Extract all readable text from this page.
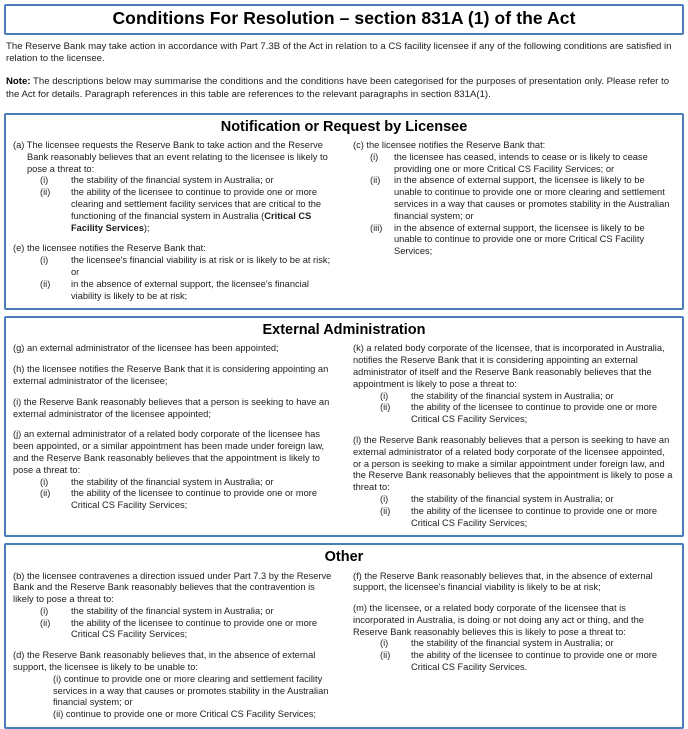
Conditions For Resolution – section 831A (1) of the Act

The Reserve Bank may take action in accordance with Part 7.3B of the Act in relation to a CS facility licensee if any of the following conditions are satisfied in relation to the licensee.

Note: The descriptions below may summarise the conditions and the conditions have been categorised for the purposes of presentation only. Please refer to the Act for details. Paragraph references in this table are references to the relevant paragraphs in section 831A(1).

Notification or Request by Licensee
(a) The licensee requests the Reserve Bank to take action and the Reserve Bank reasonably believes that an event relating to the licensee is likely to pose a threat to:
(i)	the stability of the financial system in Australia; or
(ii)	the ability of the licensee to continue to provide one or more clearing and settlement facility services that are critical to the functioning of the financial system in Australia (Critical CS Facility Services);
(e) the licensee notifies the Reserve Bank that:
(i)	the licensee's financial viability is at risk or is likely to be at risk; or
(ii)	in the absence of external support, the licensee's financial viability is likely to be at risk;
(c) the licensee notifies the Reserve Bank that:
(i)	the licensee has ceased, intends to cease or is likely to cease providing one or more Critical CS Facility Services; or
(ii)	in the absence of external support, the licensee is likely to be unable to continue to provide one or more clearing and settlement services in a way that causes or promotes stability in the Australian financial system; or
(iii)	in the absence of external support, the licensee is likely to be unable to continue to provide one or more Critical CS Facility Services;
External Administration
(g) an external administrator of the licensee has been appointed;
(h) the licensee notifies the Reserve Bank that it is considering appointing an external administrator of the licensee;
(i) the Reserve Bank reasonably believes that a person is seeking to have an external administrator of the licensee appointed;
(j) an external administrator of a related body corporate of the licensee has been appointed, or a similar appointment has been made under foreign law, and the Reserve Bank reasonably believes that the appointment is likely to pose a threat to:
(i)	the stability of the financial system in Australia; or
(ii)	the ability of the licensee to continue to provide one or more Critical CS Facility Services;
(k) a related body corporate of the licensee, that is incorporated in Australia, notifies the Reserve Bank that it is considering appointing an external administrator of itself and the Reserve Bank reasonably believes that the appointment is likely to pose a threat to:
(i)	the stability of the financial system in Australia; or
(ii)	the ability of the licensee to continue to provide one or more Critical CS Facility Services;
(l) the Reserve Bank reasonably believes that a person is seeking to have an external administrator of a related body corporate of the licensee appointed, or a person is seeking to make a similar appointment under foreign law, and the Reserve Bank reasonably believes that the appointment is likely to pose a threat to:
(i)	the stability of the financial system in Australia; or
(ii)	the ability of the licensee to continue to provide one or more Critical CS Facility Services;
Other
(b) the licensee contravenes a direction issued under Part 7.3 by the Reserve Bank and the Reserve Bank reasonably believes that the contravention is likely to pose a threat to:
(i)	the stability of the financial system in Australia; or
(ii)	the ability of the licensee to continue to provide one or more Critical CS Facility Services;
(d) the Reserve Bank reasonably believes that, in the absence of external support, the licensee is likely to be unable to:
(i) continue to provide one or more clearing and settlement facility services in a way that causes or promotes stability in the Australian financial system; or
(ii) continue to provide one or more Critical CS Facility Services;
(f) the Reserve Bank reasonably believes that, in the absence of external support, the licensee's financial viability is likely to be at risk;
(m) the licensee, or a related body corporate of the licensee that is incorporated in Australia, is doing or not doing any act or thing, and the Reserve Bank reasonably believes this is likely to pose a threat to:
(i)	the stability of the financial system in Australia; or
(ii)	the ability of the licensee to continue to provide one or more Critical CS Facility Services.
